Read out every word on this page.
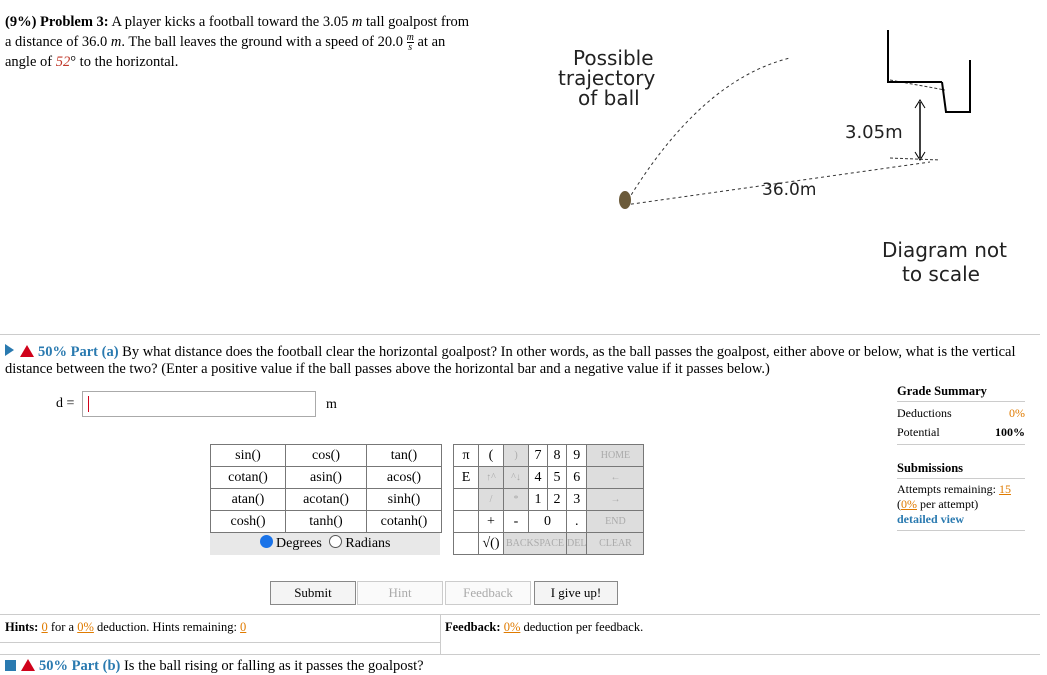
(9%) Problem 3: A player kicks a football toward the 3.05 m tall goalpost from
a distance of 36.0 m. The ball leaves the ground with a speed of $20.0 \frac{m}{s}$ at an
angle of 52° to the horizontal.	Possible
trajectory
of ball
3.05m
36.0m
Diagram not
to scale
50% Part (a) By what distance does the football clear the horizontal goalpost? In other words, as the ball passes the goalpost, either above or below, what is the vertical distance between the two? (Enter a positive value if the ball passes above the horizontal bar and a negative value if it passes below.)
d =	m
Grade Summary
Deductions	0%
Potential	100%
Submissions
Attempts remaining: 15
(0% per attempt)
detailed view
sin()	cos()	tan()
cotan()	asin()	acos()
atan()	acotan()	sinh()
cosh()	tanh()	cotanh()
Degrees Radians
π	(	)	7	8	9	HOME
E	↑^	^↓	4	5	6	←
	/	*	1	2	3	→
	+	-	0		.	END
	√()	BACKSPACE			DEL	CLEAR
Submit	Hint	Feedback	I give up!
Hints: 0 for a 0% deduction. Hints remaining: 0	Feedback: 0% deduction per feedback.
50% Part (b) Is the ball rising or falling as it passes the goalpost?
